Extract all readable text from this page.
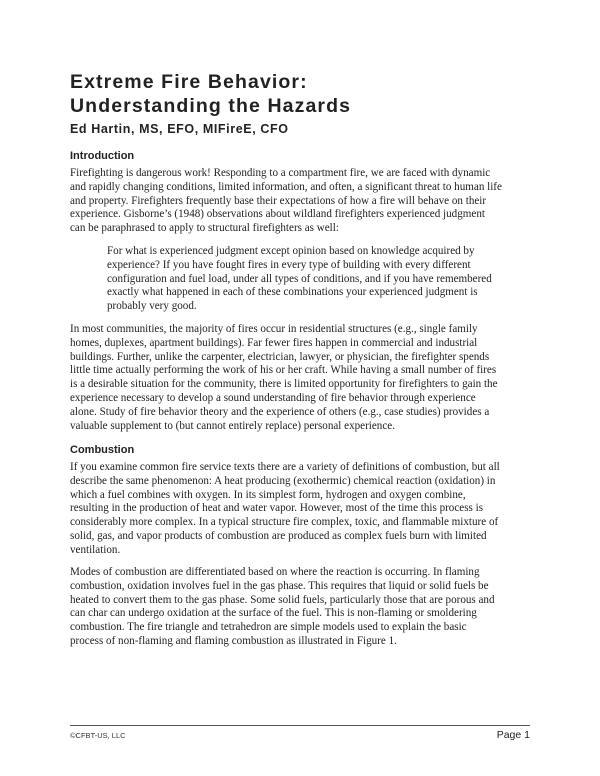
Extreme Fire Behavior:
Understanding the Hazards
Ed Hartin, MS, EFO, MIFireE, CFO
Introduction

Firefighting is dangerous work! Responding to a compartment fire, we are faced with dynamic
and rapidly changing conditions, limited information, and often, a significant threat to human life
and property. Firefighters frequently base their expectations of how a fire will behave on their
experience. Gisborne’s (1948) observations about wildland firefighters experienced judgment
can be paraphrased to apply to structural firefighters as well:

For what is experienced judgment except opinion based on knowledge acquired by
experience? If you have fought fires in every type of building with every different
configuration and fuel load, under all types of conditions, and if you have remembered
exactly what happened in each of these combinations your experienced judgment is
probably very good.

In most communities, the majority of fires occur in residential structures (e.g., single family
homes, duplexes, apartment buildings). Far fewer fires happen in commercial and industrial
buildings. Further, unlike the carpenter, electrician, lawyer, or physician, the firefighter spends
little time actually performing the work of his or her craft. While having a small number of fires
is a desirable situation for the community, there is limited opportunity for firefighters to gain the
experience necessary to develop a sound understanding of fire behavior through experience
alone. Study of fire behavior theory and the experience of others (e.g., case studies) provides a
valuable supplement to (but cannot entirely replace) personal experience.

Combustion

If you examine common fire service texts there are a variety of definitions of combustion, but all
describe the same phenomenon: A heat producing (exothermic) chemical reaction (oxidation) in
which a fuel combines with oxygen. In its simplest form, hydrogen and oxygen combine,
resulting in the production of heat and water vapor. However, most of the time this process is
considerably more complex. In a typical structure fire complex, toxic, and flammable mixture of
solid, gas, and vapor products of combustion are produced as complex fuels burn with limited
ventilation.

Modes of combustion are differentiated based on where the reaction is occurring. In flaming
combustion, oxidation involves fuel in the gas phase. This requires that liquid or solid fuels be
heated to convert them to the gas phase. Some solid fuels, particularly those that are porous and
can char can undergo oxidation at the surface of the fuel. This is non-flaming or smoldering
combustion. The fire triangle and tetrahedron are simple models used to explain the basic
process of non-flaming and flaming combustion as illustrated in Figure 1.

©CFBT-US, LLC	Page 1
